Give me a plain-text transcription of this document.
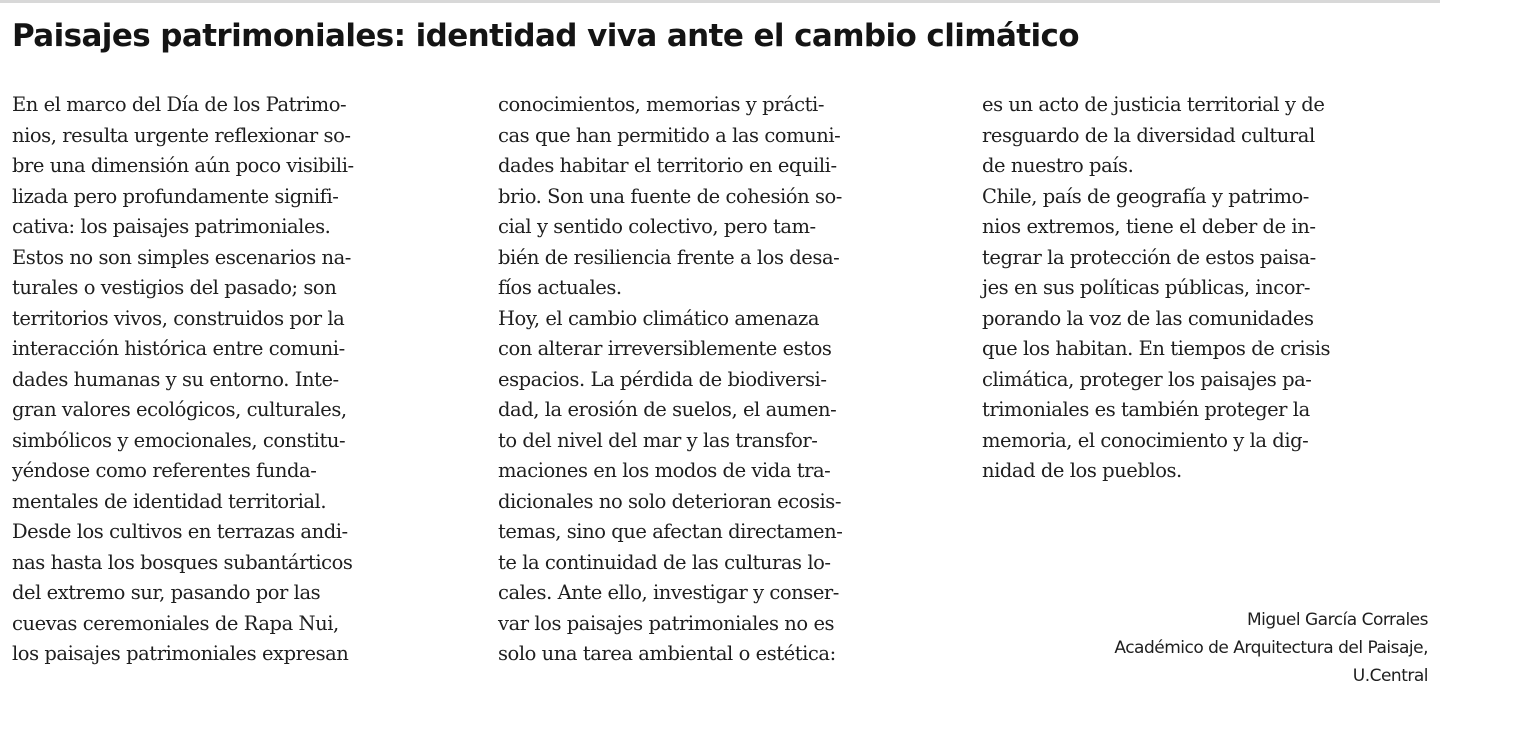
Paisajes patrimoniales: identidad viva ante el cambio climático
En el marco del Día de los Patrimo-
nios, resulta urgente reflexionar so-
bre una dimensión aún poco visibili-
lizada pero profundamente signifi-
cativa: los paisajes patrimoniales.
Estos no son simples escenarios na-
turales o vestigios del pasado; son
territorios vivos, construidos por la
interacción histórica entre comuni-
dades humanas y su entorno. Inte-
gran valores ecológicos, culturales,
simbólicos y emocionales, constitu-
yéndose como referentes funda-
mentales de identidad territorial.
Desde los cultivos en terrazas andi-
nas hasta los bosques subantárticos
del extremo sur, pasando por las
cuevas ceremoniales de Rapa Nui,
los paisajes patrimoniales expresan
conocimientos, memorias y prácti-
cas que han permitido a las comuni-
dades habitar el territorio en equili-
brio. Son una fuente de cohesión so-
cial y sentido colectivo, pero tam-
bién de resiliencia frente a los desa-
fíos actuales.
Hoy, el cambio climático amenaza
con alterar irreversiblemente estos
espacios. La pérdida de biodiversi-
dad, la erosión de suelos, el aumen-
to del nivel del mar y las transfor-
maciones en los modos de vida tra-
dicionales no solo deterioran ecosis-
temas, sino que afectan directamen-
te la continuidad de las culturas lo-
cales. Ante ello, investigar y conser-
var los paisajes patrimoniales no es
solo una tarea ambiental o estética:
es un acto de justicia territorial y de
resguardo de la diversidad cultural
de nuestro país.
Chile, país de geografía y patrimo-
nios extremos, tiene el deber de in-
tegrar la protección de estos paisa-
jes en sus políticas públicas, incor-
porando la voz de las comunidades
que los habitan. En tiempos de crisis
climática, proteger los paisajes pa-
trimoniales es también proteger la
memoria, el conocimiento y la dig-
nidad de los pueblos.
Miguel García Corrales
Académico de Arquitectura del Paisaje,
U.Central
